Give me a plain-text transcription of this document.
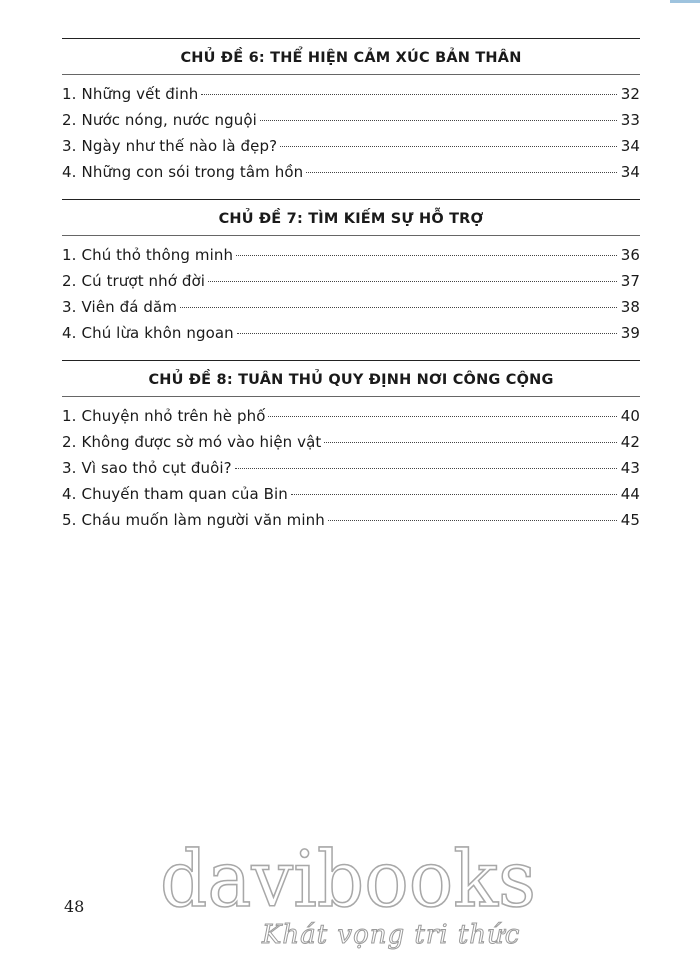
CHỦ ĐỀ 6: THỂ HIỆN CẢM XÚC BẢN THÂN
1. Những vết đinh	32
2. Nước nóng, nước nguội	33
3. Ngày như thế nào là đẹp?	34
4. Những con sói trong tâm hồn	34
CHỦ ĐỀ 7: TÌM KIẾM SỰ HỖ TRỢ
1. Chú thỏ thông minh	36
2. Cú trượt nhớ đời	37
3. Viên đá dăm	38
4. Chú lừa khôn ngoan	39
CHỦ ĐỀ 8: TUÂN THỦ QUY ĐỊNH NƠI CÔNG CỘNG
1. Chuyện nhỏ trên hè phố	40
2. Không được sờ mó vào hiện vật	42
3. Vì sao thỏ cụt đuôi?	43
4. Chuyến tham quan của Bin	44
5. Cháu muốn làm người văn minh	45
48 davibooks
Khát vọng tri thức
